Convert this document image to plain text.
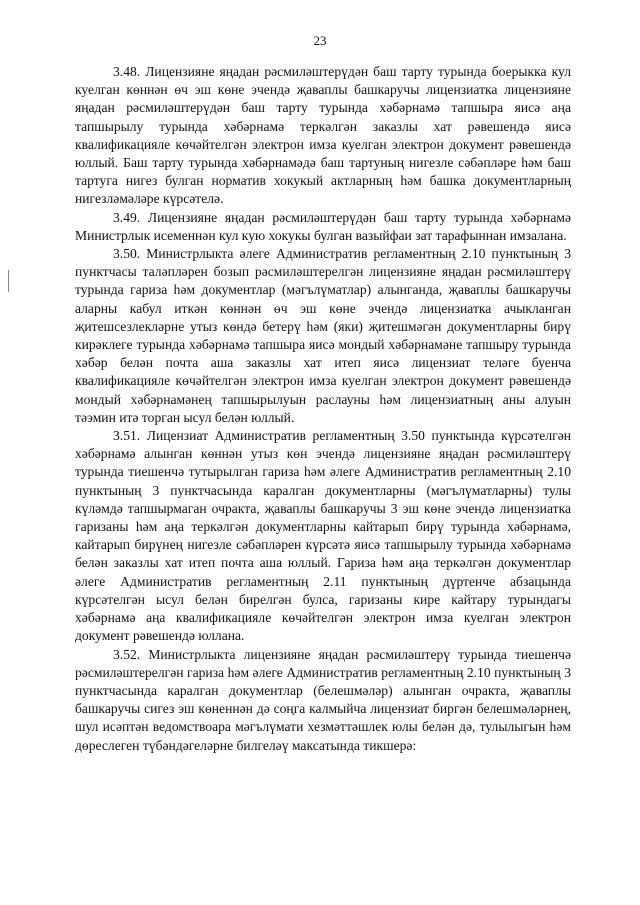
23

3.48. Лицензияне яңадан рәсмиләштерүдән баш тарту турында боерыкка кул куелган көннән өч эш көне эчендә җаваплы башкаручы лицензиатка лицензияне яңадан рәсмиләштерүдән баш тарту турында хәбәрнамә тапшыра яисә аңа тапшырылу турында хәбәрнамә теркәлгән заказлы хат рәвешендә яисә квалификацияле көчәйтелгән электрон имза куелган электрон документ рәвешендә юллый. Баш тарту турында хәбәрнамәдә баш тартуның нигезле сәбәпләре һәм баш тартуга нигез булган норматив хокукый актларның һәм башка документларның нигезләмәләре күрсәтелә.

3.49. Лицензияне яңадан рәсмиләштерүдән баш тарту турында хәбәрнамә Министрлык исеменнән кул кую хокукы булган вазыйфаи зат тарафыннан имзалана.

3.50. Министрлыкта әлеге Административ регламентның 2.10 пунктының 3 пунктчасы таләпләрен бозып рәсмиләштерелгән лицензияне яңадан рәсмиләштерү турында гариза һәм документлар (мәгълүматлар) алынганда, җаваплы башкаручы аларны кабул иткән көннән өч эш көне эчендә лицензиатка ачыкланган җитешсезлекләрне утыз көндә бетерү һәм (яки) җитешмәгән документларны бирү кирәклеге турында хәбәрнамә тапшыра яисә мондый хәбәрнамәне тапшыру турында хәбәр белән почта аша заказлы хат итеп яисә лицензиат теләге буенча квалификацияле көчәйтелгән электрон имза куелган электрон документ рәвешендә мондый хәбәрнамәнең тапшырылуын раслауны һәм лицензиатның аны алуын тәэмин итә торган ысул белән юллый.

3.51. Лицензиат Административ регламентның 3.50 пунктында күрсәтелгән хәбәрнамә алынган көннән утыз көн эчендә лицензияне яңадан рәсмиләштерү турында тиешенчә тутырылган гариза һәм әлеге Административ регламентның 2.10 пунктының 3 пунктчасында каралган документларны (мәгълүматларны) тулы күләмдә тапшырмаган очракта, җаваплы башкаручы 3 эш көне эчендә лицензиатка гаризаны һәм аңа теркәлгән документларны кайтарып бирү турында хәбәрнамә, кайтарып бирүнең нигезле сәбәпләрен күрсәтә яисә тапшырылу турында хәбәрнамә белән заказлы хат итеп почта аша юллый. Гариза һәм аңа теркәлгән документлар әлеге Административ регламентның 2.11 пунктының дүртенче абзацында күрсәтелгән ысул белән бирелгән булса, гаризаны кире кайтару турындагы хәбәрнамә аңа квалификацияле көчәйтелгән электрон имза куелган электрон документ рәвешендә юллана.

3.52. Министрлыкта лицензияне яңадан рәсмиләштерү турында тиешенчә рәсмиләштерелгән гариза һәм әлеге Административ регламентның 2.10 пунктының 3 пунктчасында каралган документлар (белешмәләр) алынган очракта, җаваплы башкаручы сигез эш көненнән дә соңга калмыйча лицензиат биргән белешмәләрнең, шул исәптән ведомствоара мәгълүмати хезмәттәшлек юлы белән дә, тулылыгын һәм дөреслеген түбәндәгеләрне билгеләү максатында тикшерә:
